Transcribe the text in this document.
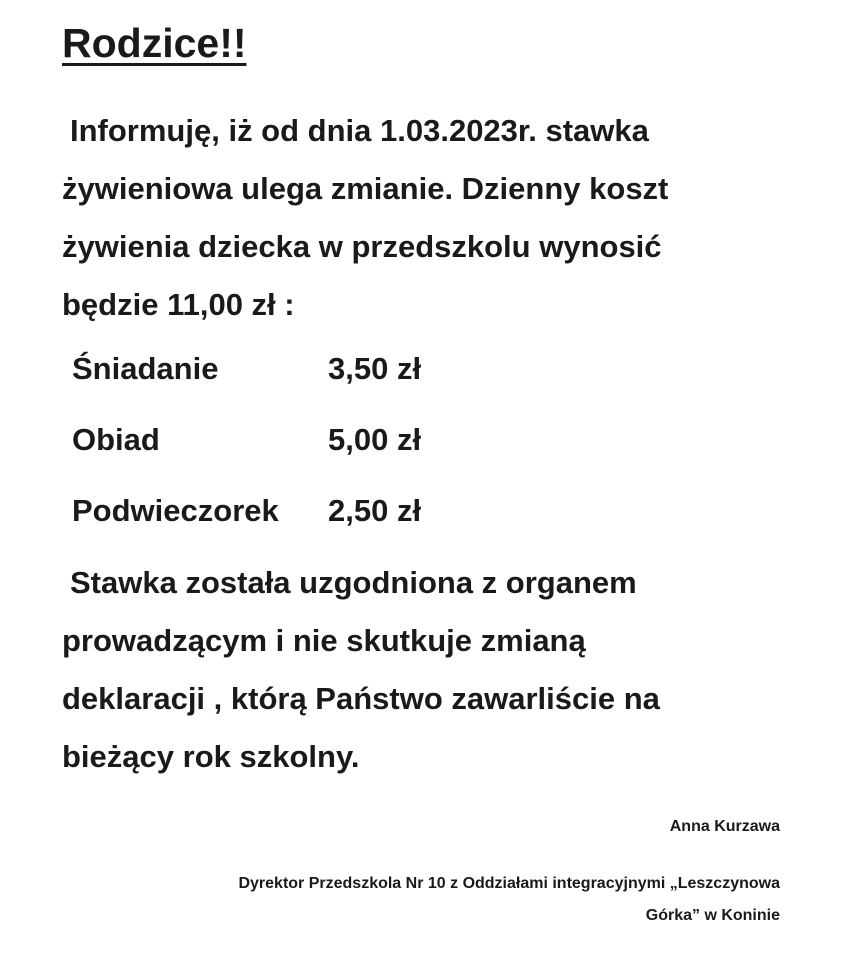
Rodzice!!

Informuję, iż od dnia 1.03.2023r. stawka
żywieniowa ulega zmianie. Dzienny koszt
żywienia dziecka w przedszkolu wynosić
będzie 11,00 zł :

Śniadanie	3,50 zł
Obiad	5,00 zł
Podwieczorek 2,50 zł

Stawka została uzgodniona z organem
prowadzącym i nie skutkuje zmianą
deklaracji , którą Państwo zawarliście na
bieżący rok szkolny.

Anna Kurzawa

Dyrektor Przedszkola Nr 10 z Oddziałami integracyjnymi „Leszczynowa
Górka” w Koninie
